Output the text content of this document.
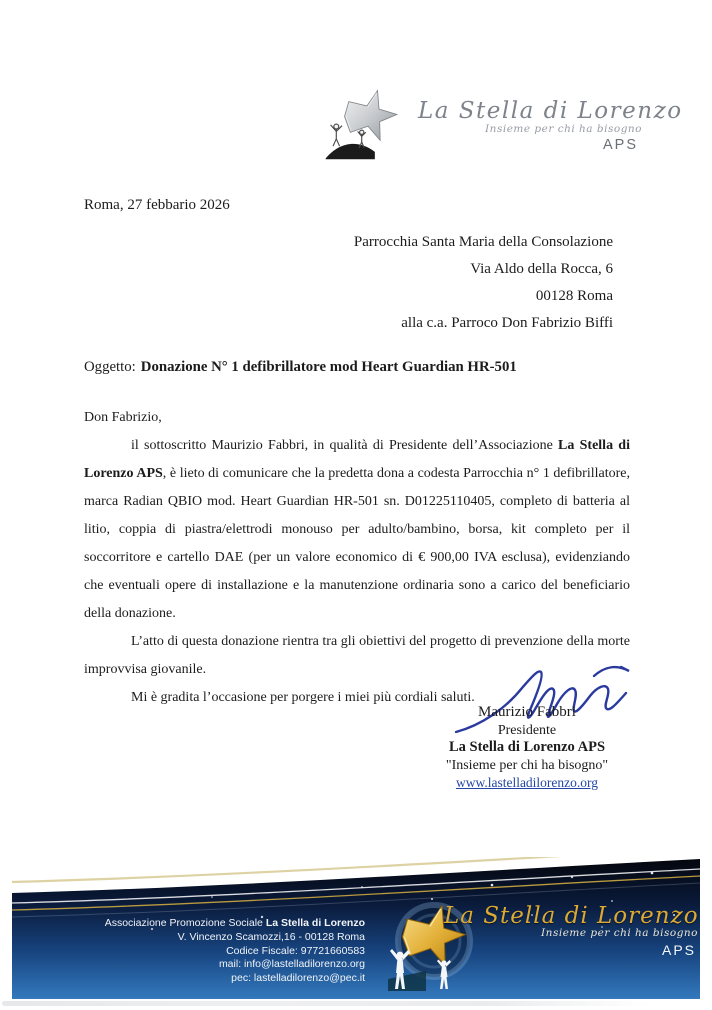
La Stella di Lorenzo
Insieme per chi ha bisogno
APS
Roma, 27 febbario 2026
Parrocchia Santa Maria della Consolazione
Via Aldo della Rocca, 6
00128 Roma
alla c.a. Parroco Don Fabrizio Biffi
Oggetto: Donazione N° 1 defibrillatore mod Heart Guardian HR-501

Don Fabrizio,

il sottoscritto Maurizio Fabbri, in qualità di Presidente dell’Associazione La Stella di Lorenzo APS, è lieto di comunicare che la predetta dona a codesta Parrocchia n° 1 defibrillatore, marca Radian QBIO mod. Heart Guardian HR-501 sn. D01225110405, completo di batteria al litio, coppia di piastra/elettrodi monouso per adulto/bambino, borsa, kit completo per il soccorritore e cartello DAE (per un valore economico di € 900,00 IVA esclusa), evidenziando che eventuali opere di installazione e la manutenzione ordinaria sono a carico del beneficiario della donazione.

L’atto di questa donazione rientra tra gli obiettivi del progetto di prevenzione della morte improvvisa giovanile.

Mi è gradita l’occasione per porgere i miei più cordiali saluti.

Maurizio Fabbri
Presidente
La Stella di Lorenzo APS
"Insieme per chi ha bisogno"
www.lastelladilorenzo.org
Associazione Promozione Sociale La Stella di Lorenzo
V. Vincenzo Scamozzi,16 - 00128 Roma
Codice Fiscale: 97721660583
mail: info@lastelladilorenzo.org
pec: lastelladilorenzo@pec.it
La Stella di Lorenzo
Insieme per chi ha bisogno
APS
